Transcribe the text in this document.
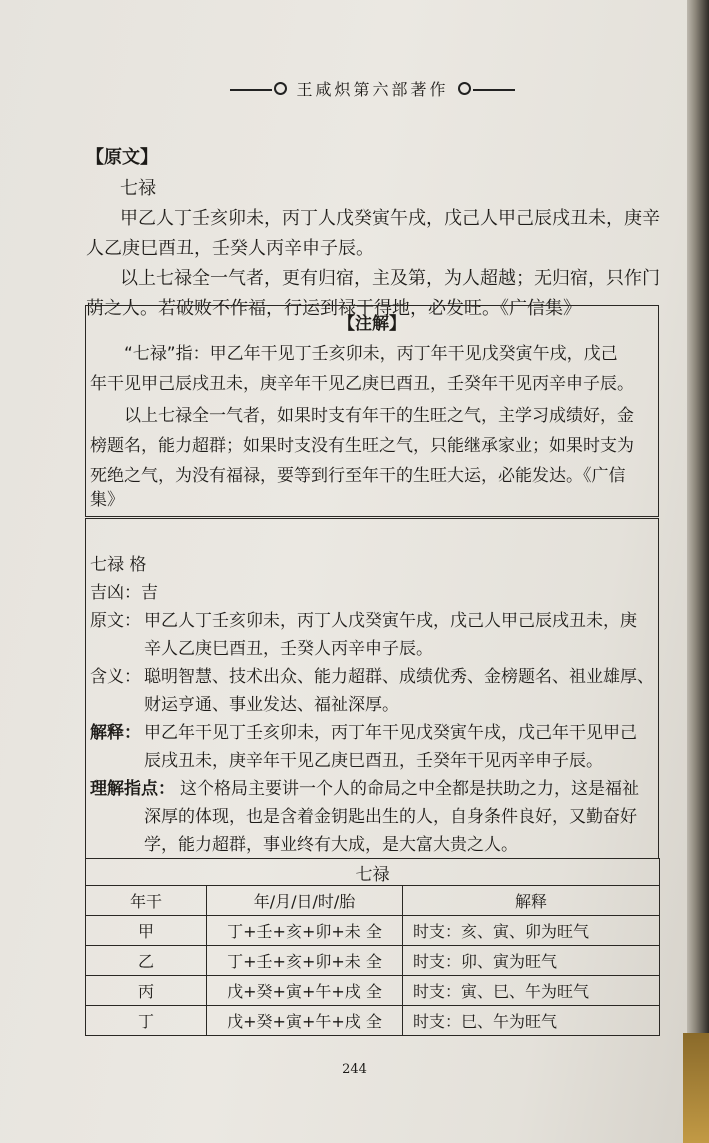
王咸炽第六部著作
【原文】
七禄
甲乙人丁壬亥卯未，丙丁人戊癸寅午戌，戊己人甲己辰戌丑未，庚辛
人乙庚巳酉丑，壬癸人丙辛申子辰。
以上七禄全一气者，更有归宿，主及第，为人超越；无归宿，只作门
荫之人。若破败不作福，行运到禄干得地，必发旺。《广信集》
【注解】
“七禄”指：甲乙年干见丁壬亥卯未，丙丁年干见戊癸寅午戌，戊己
年干见甲己辰戌丑未，庚辛年干见乙庚巳酉丑，壬癸年干见丙辛申子辰。
以上七禄全一气者，如果时支有年干的生旺之气，主学习成绩好，金
榜题名，能力超群；如果时支没有生旺之气，只能继承家业；如果时支为
死绝之气，为没有福禄，要等到行至年干的生旺大运，必能发达。《广信
集》
七禄 格
吉凶：吉
原文： 甲乙人丁壬亥卯未，丙丁人戊癸寅午戌，戊己人甲己辰戌丑未，庚
辛人乙庚巳酉丑，壬癸人丙辛申子辰。
含义： 聪明智慧、技术出众、能力超群、成绩优秀、金榜题名、祖业雄厚、
财运亨通、事业发达、福祉深厚。
解释： 甲乙年干见丁壬亥卯未，丙丁年干见戊癸寅午戌，戊己年干见甲己
辰戌丑未，庚辛年干见乙庚巳酉丑，壬癸年干见丙辛申子辰。
理解指点： 这个格局主要讲一个人的命局之中全都是扶助之力，这是福祉
深厚的体现，也是含着金钥匙出生的人，自身条件良好，又勤奋好
学，能力超群，事业终有大成，是大富大贵之人。
七禄		
年干	年/月/日/时/胎	解释
甲	丁+壬+亥+卯+未 全	时支：亥、寅、卯为旺气
乙	丁+壬+亥+卯+未 全	时支：卯、寅为旺气
丙	戊+癸+寅+午+戌 全	时支：寅、巳、午为旺气
丁	戊+癸+寅+午+戌 全	时支：巳、午为旺气
244
